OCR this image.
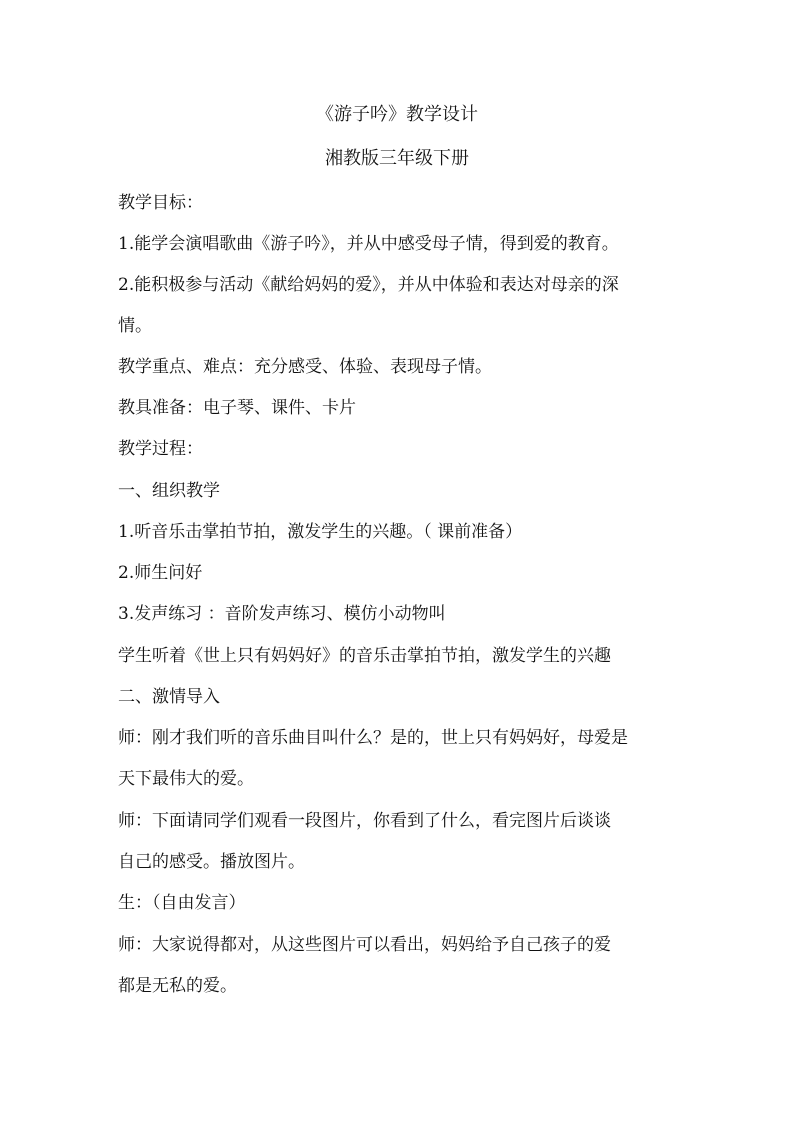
《游子吟》教学设计
湘教版三年级下册
教学目标：
1.能学会演唱歌曲《游子吟》，并从中感受母子情，得到爱的教育。
2.能积极参与活动《献给妈妈的爱》，并从中体验和表达对母亲的深
情。
教学重点、难点：充分感受、体验、表现母子情。
教具准备：电子琴、课件、卡片
教学过程：
一、组织教学
1.听音乐击掌拍节拍，激发学生的兴趣。（ 课前准备）
2.师生问好
3.发声练习 ：音阶发声练习、模仿小动物叫
学生听着《世上只有妈妈好》的音乐击掌拍节拍，激发学生的兴趣
二、激情导入
师：刚才我们听的音乐曲目叫什么？是的，世上只有妈妈好，母爱是
天下最伟大的爱。
师：下面请同学们观看一段图片，你看到了什么，看完图片后谈谈
自己的感受。播放图片。
生：（自由发言）
师：大家说得都对，从这些图片可以看出，妈妈给予自己孩子的爱
都是无私的爱。
